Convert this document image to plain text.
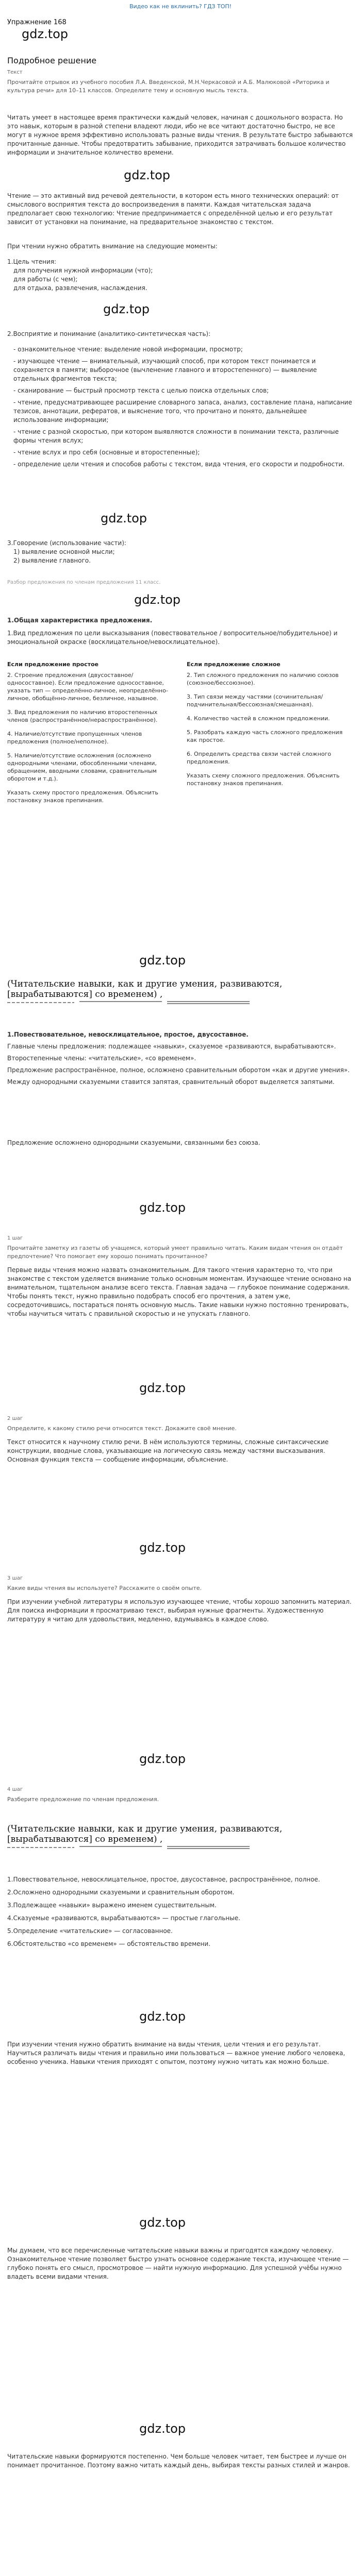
Видео как не вклинить? ГДЗ ТОП!
Упражнение 168
gdz.top
Подробное решение
Текст
Прочитайте отрывок из учебного пособия Л.А. Введенской, М.Н.Черкасовой и А.Б. Малюковой «Риторика и культура речи» для 10–11 классов. Определите тему и основную мысль текста.
Читать умеет в настоящее время практически каждый человек, начиная с дошкольного возраста. Но это навык, которым в разной степени владеют люди, ибо не все читают достаточно быстро, не все могут в нужное время эффективно использовать разные виды чтения. В результате быстро забываются прочитанные данные. Чтобы предотвратить забывание, приходится затрачивать большое количество информации и значительное количество времени.
gdz.top
Чтение — это активный вид речевой деятельности, в котором есть много технических операций: от смыслового восприятия текста до воспроизведения в памяти. Каждая читательская задача предполагает свою технологию: Чтение предпринимается с определённой целью и его результат зависит от установки на понимание, на предварительное знакомство с текстом.
При чтении нужно обратить внимание на следующие моменты:
1.Цель чтения:
для получения нужной информации (что);
для работы (с чем);
для отдыха, развлечения, наслаждения.
gdz.top
2.Восприятие и понимание (аналитико-синтетическая часть):
- ознакомительное чтение: выделение новой информации, просмотр;
- изучающее чтение — внимательный, изучающий способ, при котором текст понимается и сохраняется в памяти; выборочное (вычленение главного и второстепенного) — выявление отдельных фрагментов текста;
- сканирование — быстрый просмотр текста с целью поиска отдельных слов;
- чтение, предусматривающее расширение словарного запаса, анализ, составление плана, написание тезисов, аннотации, рефератов, и выяснение того, что прочитано и понято, дальнейшее использование информации;
- чтение с разной скоростью, при котором выявляются сложности в понимании текста, различные формы чтения вслух;
- чтение вслух и про себя (основные и второстепенные);
- определение цели чтения и способов работы с текстом, вида чтения, его скорости и подробности.
gdz.top
3.Говорение (использование части):
1) выявление основной мысли;
2) выявление главного.
Разбор предложения по членам предложения 11 класс.
gdz.top
1.Общая характеристика предложения.
1.Вид предложения по цели высказывания (повествовательное / вопросительное/побудительное) и эмоциональной окраске (восклицательное/невосклицательное).
Если предложение простое
2. Строение предложения (двусоставное/односоставное). Если предложение односоставное, указать тип — определённо-личное, неопределённо-личное, обобщённо-личное, безличное, назывное.
3. Вид предложения по наличию второстепенных членов (распространённое/нераспространённое).
4. Наличие/отсутствие пропущенных членов предложения (полное/неполное).
5. Наличие/отсутствие осложнения (осложнено однородными членами, обособленными членами, обращением, вводными словами, сравнительным оборотом и т.д.).
Указать схему простого предложения. Объяснить постановку знаков препинания.
Если предложение сложное
2. Тип сложного предложения по наличию союзов (союзное/бессоюзное).
3. Тип связи между частями (сочинительная/подчинительная/бессоюзная/смешанная).
4. Количество частей в сложном предложении.
5. Разобрать каждую часть сложного предложения как простое.
6. Определить средства связи частей сложного предложения.
Указать схему сложного предложения. Объяснить постановку знаков препинания.
gdz.top
(Читательские навыки, как и другие умения, развиваются, [вырабатываются] со временем) ,
1.Повествовательное, невосклицательное, простое, двусоставное.
Главные члены предложения: подлежащее «навыки», сказуемое «развиваются, вырабатываются».
Второстепенные члены: «читательские», «со временем».
Предложение распространённое, полное, осложнено сравнительным оборотом «как и другие умения».
Между однородными сказуемыми ставится запятая, сравнительный оборот выделяется запятыми.
Предложение осложнено однородными сказуемыми, связанными без союза.
gdz.top
1 шаг
Прочитайте заметку из газеты об учащемся, который умеет правильно читать. Каким видам чтения он отдаёт предпочтение? Что помогает ему хорошо понимать прочитанное?
Первые виды чтения можно назвать ознакомительным. Для такого чтения характерно то, что при знакомстве с текстом уделяется внимание только основным моментам. Изучающее чтение основано на внимательном, тщательном анализе всего текста. Главная задача — глубокое понимание содержания. Чтобы понять текст, нужно правильно подобрать способ его прочтения, а затем уже, сосредоточившись, постараться понять основную мысль. Такие навыки нужно постоянно тренировать, чтобы научиться читать с правильной скоростью и не упускать главного.
gdz.top
2 шаг
Определите, к какому стилю речи относится текст. Докажите своё мнение.
Текст относится к научному стилю речи. В нём используются термины, сложные синтаксические конструкции, вводные слова, указывающие на логическую связь между частями высказывания. Основная функция текста — сообщение информации, объяснение.
gdz.top
3 шаг
Какие виды чтения вы используете? Расскажите о своём опыте.
При изучении учебной литературы я использую изучающее чтение, чтобы хорошо запомнить материал. Для поиска информации я просматриваю текст, выбирая нужные фрагменты. Художественную литературу я читаю для удовольствия, медленно, вдумываясь в каждое слово.
gdz.top
4 шаг
Разберите предложение по членам предложения.
(Читательские навыки, как и другие умения, развиваются, [вырабатываются] со временем) ,
1.Повествовательное, невосклицательное, простое, двусоставное, распространённое, полное.
2.Осложнено однородными сказуемыми и сравнительным оборотом.
3.Подлежащее «навыки» выражено именем существительным.
4.Сказуемые «развиваются, вырабатываются» — простые глагольные.
5.Определение «читательские» — согласованное.
6.Обстоятельство «со временем» — обстоятельство времени.
gdz.top
При изучении чтения нужно обратить внимание на виды чтения, цели чтения и его результат. Научиться различать виды чтения и правильно ими пользоваться — важное умение любого человека, особенно ученика. Навыки чтения приходят с опытом, поэтому нужно читать как можно больше.
gdz.top
Мы думаем, что все перечисленные читательские навыки важны и пригодятся каждому человеку. Ознакомительное чтение позволяет быстро узнать основное содержание текста, изучающее чтение — глубоко понять его смысл, просмотровое — найти нужную информацию. Для успешной учёбы нужно владеть всеми видами чтения.
gdz.top
Читательские навыки формируются постепенно. Чем больше человек читает, тем быстрее и лучше он понимает прочитанное. Поэтому важно читать каждый день, выбирая тексты разных стилей и жанров.
